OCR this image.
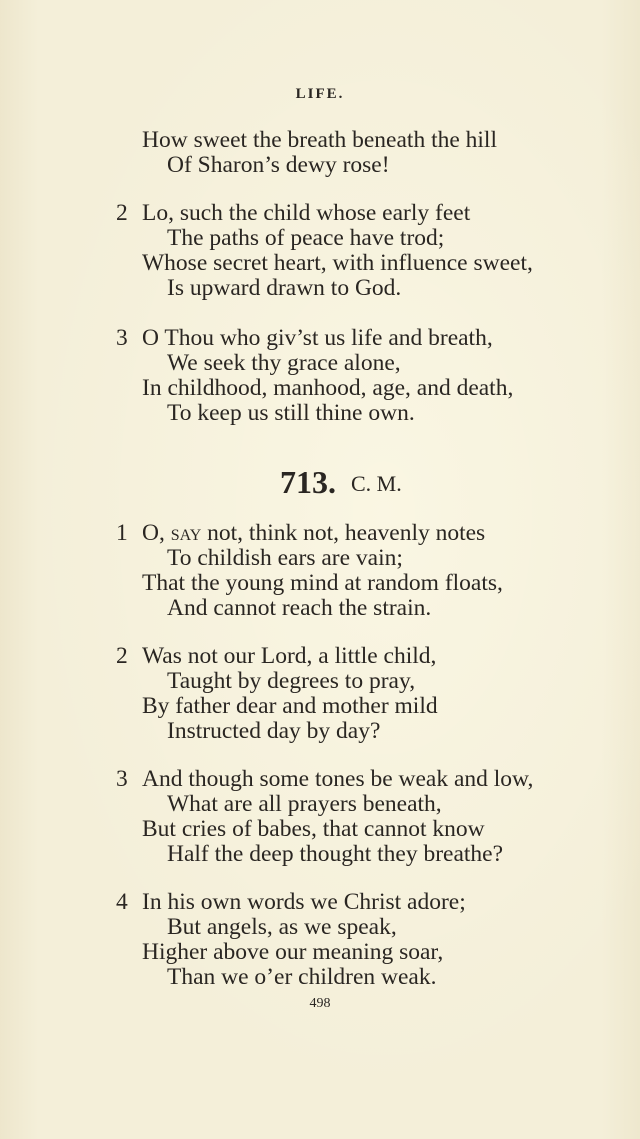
LIFE.
How sweet the breath beneath the hill
Of Sharon’s dewy rose!
2 Lo, such the child whose early feet
The paths of peace have trod;
Whose secret heart, with influence sweet,
Is upward drawn to God.
3 O Thou who giv’st us life and breath,
We seek thy grace alone,
In childhood, manhood, age, and death,
To keep us still thine own.
713. C. M.
1 O, say not, think not, heavenly notes
To childish ears are vain;
That the young mind at random floats,
And cannot reach the strain.
2 Was not our Lord, a little child,
Taught by degrees to pray,
By father dear and mother mild
Instructed day by day?
3 And though some tones be weak and low,
What are all prayers beneath,
But cries of babes, that cannot know
Half the deep thought they breathe?
4 In his own words we Christ adore;
But angels, as we speak,
Higher above our meaning soar,
Than we o’er children weak.
498
